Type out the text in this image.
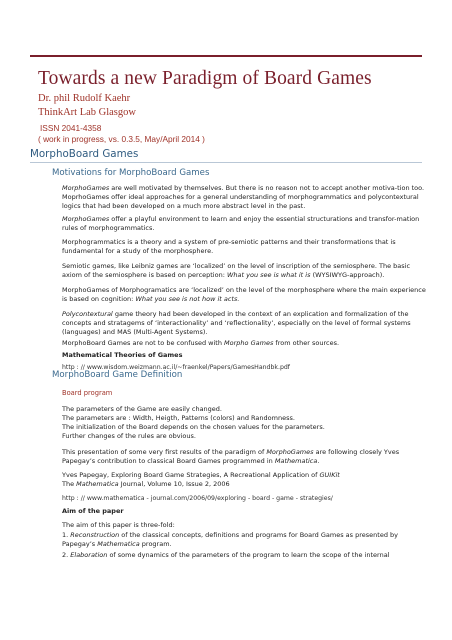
Towards a new Paradigm of Board Games
Dr. phil Rudolf Kaehr
ThinkArt Lab Glasgow
ISSN 2041-4358
( work in progress, vs. 0.3.5, May/April 2014 )
MorphoBoard Games
Motivations for MorphoBoard Games
MorphoGames are well motivated by themselves. But there is no reason not to accept another motiva-tion too. MoprhoGames offer ideal approaches for a general understanding of morphogrammatics and polycontextural logics that had been developed on a much more abstract level in the past.
MorphoGames offer a playful environment to learn and enjoy the essential structurations and transfor-mation rules of morphogrammatics.
Morphogrammatics is a theory and a system of pre-semiotic patterns and their transformations that is fundamental for a study of the morphosphere.
Semiotic games, like Leibniz games are ‘localized’ on the level of inscription of the semiosphere. The basic axiom of the semiosphere is based on perception: What you see is what it is (WYSIWYG-approach).
MorphoGames of Morphogramatics are ‘localized’ on the level of the morphosphere where the main experience is based on cognition: What you see is not how it acts.
Polycontextural game theory had been developed in the context of an explication and formalization of the concepts and stratagems of ‘interactionality’ and ‘reflectionality’, especially on the level of formal systems (languages) and MAS (Multi-Agent Systems).
MorphoBoard Games are not to be confused with Morpho Games from other sources.
Mathematical Theories of Games
http : // www.wisdom.weizmann.ac.il/~fraenkel/Papers/GamesHandbk.pdf
MorphoBoard Game Definition
Board program
The parameters of the Game are easily changed.
The parameters are : Width, Heigth, Patterns (colors) and Randomness.
The initialization of the Board depends on the chosen values for the parameters.
Further changes of the rules are obvious.
This presentation of some very first results of the paradigm of MorphoGames are following closely Yves Papegay’s contribution to classical Board Games programmed in Mathematica.
Yves Papegay, Exploring Board Game Strategies, A Recreational Application of GUIKit
The Mathematica Journal, Volume 10, Issue 2, 2006
http : // www.mathematica - journal.com/2006/09/exploring - board - game - strategies/
Aim of the paper
The aim of this paper is three-fold:
1. Reconstruction of the classical concepts, definitions and programs for Board Games as presented by Papegay’s Mathematica program.
2. Elaboration of some dynamics of the parameters of the program to learn the scope of the internal
